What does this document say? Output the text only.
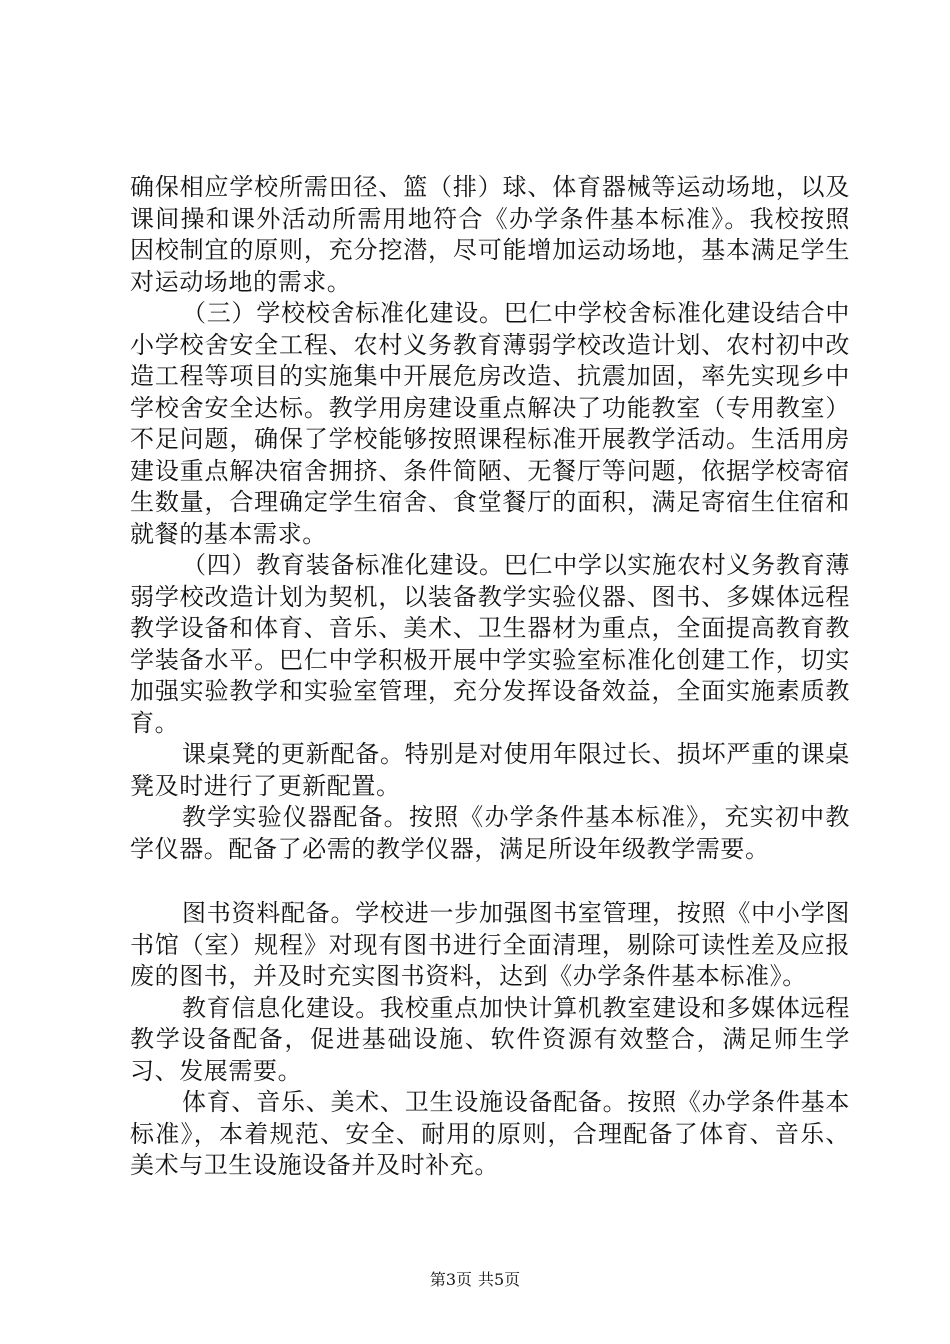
确保相应学校所需田径、篮（排）球、体育器械等运动场地，以及课间操和课外活动所需用地符合《办学条件基本标准》。我校按照因校制宜的原则，充分挖潜，尽可能增加运动场地，基本满足学生对运动场地的需求。

（三）学校校舍标准化建设。巴仁中学校舍标准化建设结合中小学校舍安全工程、农村义务教育薄弱学校改造计划、农村初中改造工程等项目的实施集中开展危房改造、抗震加固，率先实现乡中学校舍安全达标。教学用房建设重点解决了功能教室（专用教室）不足问题，确保了学校能够按照课程标准开展教学活动。生活用房建设重点解决宿舍拥挤、条件简陋、无餐厅等问题，依据学校寄宿生数量，合理确定学生宿舍、食堂餐厅的面积，满足寄宿生住宿和就餐的基本需求。

（四）教育装备标准化建设。巴仁中学以实施农村义务教育薄弱学校改造计划为契机，以装备教学实验仪器、图书、多媒体远程教学设备和体育、音乐、美术、卫生器材为重点，全面提高教育教学装备水平。巴仁中学积极开展中学实验室标准化创建工作，切实加强实验教学和实验室管理，充分发挥设备效益，全面实施素质教育。

课桌凳的更新配备。特别是对使用年限过长、损坏严重的课桌凳及时进行了更新配置。

教学实验仪器配备。按照《办学条件基本标准》，充实初中教学仪器。配备了必需的教学仪器，满足所设年级教学需要。

图书资料配备。学校进一步加强图书室管理，按照《中小学图书馆（室）规程》对现有图书进行全面清理，剔除可读性差及应报废的图书，并及时充实图书资料，达到《办学条件基本标准》。

教育信息化建设。我校重点加快计算机教室建设和多媒体远程教学设备配备，促进基础设施、软件资源有效整合，满足师生学习、发展需要。

体育、音乐、美术、卫生设施设备配备。按照《办学条件基本标准》，本着规范、安全、耐用的原则，合理配备了体育、音乐、美术与卫生设施设备并及时补充。

第3页 共5页
